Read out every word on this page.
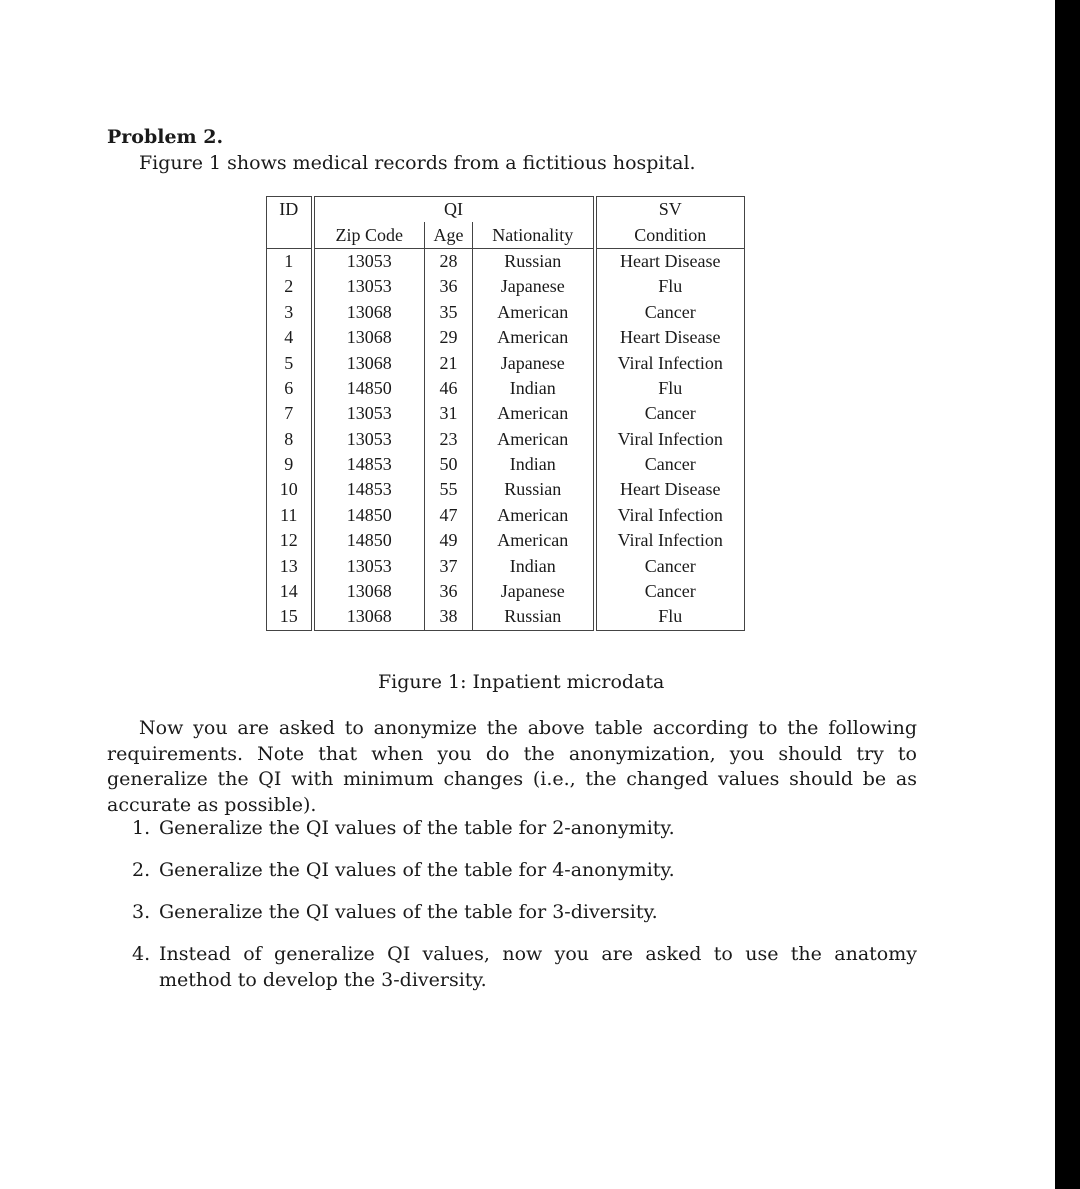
Problem 2.
Figure 1 shows medical records from a fictitious hospital.
ID	QI			SV
	Zip Code	Age	Nationality	Condition
1	13053	28	Russian	Heart Disease
2	13053	36	Japanese	Flu
3	13068	35	American	Cancer
4	13068	29	American	Heart Disease
5	13068	21	Japanese	Viral Infection
6	14850	46	Indian	Flu
7	13053	31	American	Cancer
8	13053	23	American	Viral Infection
9	14853	50	Indian	Cancer
10	14853	55	Russian	Heart Disease
11	14850	47	American	Viral Infection
12	14850	49	American	Viral Infection
13	13053	37	Indian	Cancer
14	13068	36	Japanese	Cancer
15	13068	38	Russian	Flu
Figure 1: Inpatient microdata
Now you are asked to anonymize the above table according to the following requirements. Note that when you do the anonymization, you should try to generalize the QI with minimum changes (i.e., the changed values should be as accurate as possible).
1. Generalize the QI values of the table for 2-anonymity.
2. Generalize the QI values of the table for 4-anonymity.
3. Generalize the QI values of the table for 3-diversity.
4. Instead of generalize QI values, now you are asked to use the anatomy method to develop the 3-diversity.
